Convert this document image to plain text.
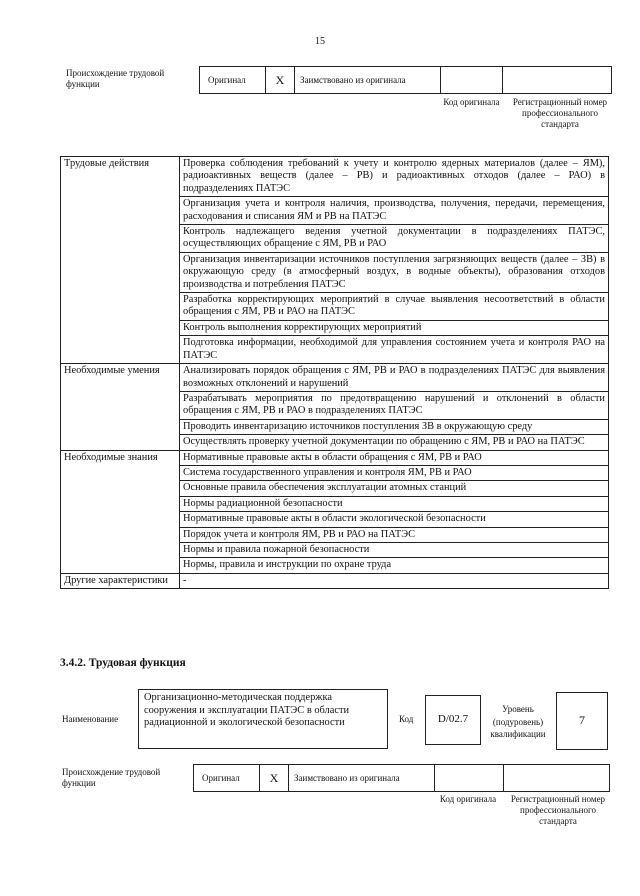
15
Происхождение трудовой функции	Оригинал	X	Заимствовано из оригинала
Код оригинала	Регистрационный номер профессионального стандарта
Трудовые действия	Проверка соблюдения требований к учету и контролю ядерных материалов (далее – ЯМ), радиоактивных веществ (далее – РВ) и радиоактивных отходов (далее – РАО) в подразделениях ПАТЭС
	Организация учета и контроля наличия, производства, получения, передачи, перемещения, расходования и списания ЯМ и РВ на ПАТЭС
	Контроль надлежащего ведения учетной документации в подразделениях ПАТЭС, осуществляющих обращение с ЯМ, РВ и РАО
	Организация инвентаризации источников поступления загрязняющих веществ (далее – ЗВ) в окружающую среду (в атмосферный воздух, в водные объекты), образования отходов производства и потребления ПАТЭС
	Разработка корректирующих мероприятий в случае выявления несоответствий в области обращения с ЯМ, РВ и РАО на ПАТЭС
	Контроль выполнения корректирующих мероприятий
	Подготовка информации, необходимой для управления состоянием учета и контроля РАО на ПАТЭС
Необходимые умения	Анализировать порядок обращения с ЯМ, РВ и РАО в подразделениях ПАТЭС для выявления возможных отклонений и нарушений
	Разрабатывать мероприятия по предотвращению нарушений и отклонений в области обращения с ЯМ, РВ и РАО в подразделениях ПАТЭС
	Проводить инвентаризацию источников поступления ЗВ в окружающую среду
	Осуществлять проверку учетной документации по обращению с ЯМ, РВ и РАО на ПАТЭС
Необходимые знания	Нормативные правовые акты в области обращения с ЯМ, РВ и РАО
	Система государственного управления и контроля ЯМ, РВ и РАО
	Основные правила обеспечения эксплуатации атомных станций
	Нормы радиационной безопасности
	Нормативные правовые акты в области экологической безопасности
	Порядок учета и контроля ЯМ, РВ и РАО на ПАТЭС
	Нормы и правила пожарной безопасности
	Нормы, правила и инструкции по охране труда
Другие характеристики	-
3.4.2. Трудовая функция
Наименование
Организационно-методическая поддержка сооружения и эксплуатации ПАТЭС в области радиационной и экологической безопасности	Код	D/02.7
Уровень (подуровень) квалификации
7
Происхождение трудовой функции	Оригинал	X	Заимствовано из оригинала
Код оригинала	Регистрационный номер профессионального стандарта
